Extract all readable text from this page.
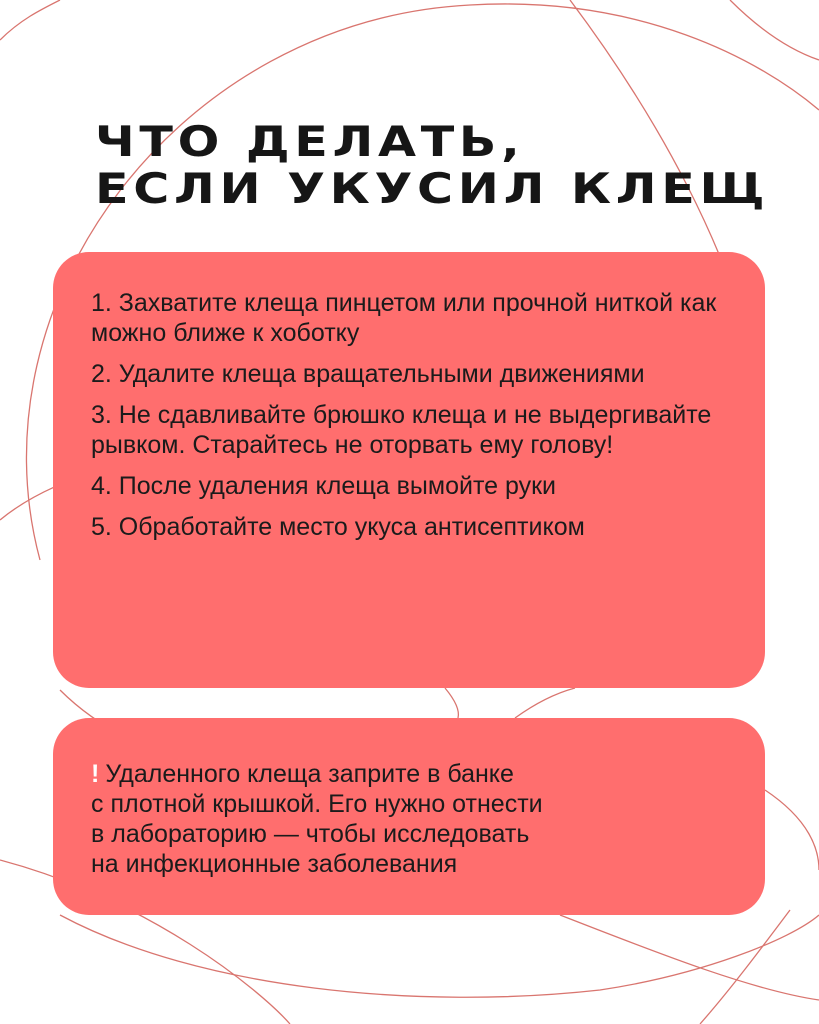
ЧТО ДЕЛАТЬ,
ЕСЛИ УКУСИЛ КЛЕЩ

1. Захватите клеща пинцетом или прочной ниткой как можно ближе к хоботку

2. Удалите клеща вращательными движениями

3. Не сдавливайте брюшко клеща и не выдергивайте рывком. Старайтесь не оторвать ему голову!

4. После удаления клеща вымойте руки

5. Обработайте место укуса антисептиком

! Удаленного клеща заприте в банке
с плотной крышкой. Его нужно отнести
в лабораторию — чтобы исследовать
на инфекционные заболевания
